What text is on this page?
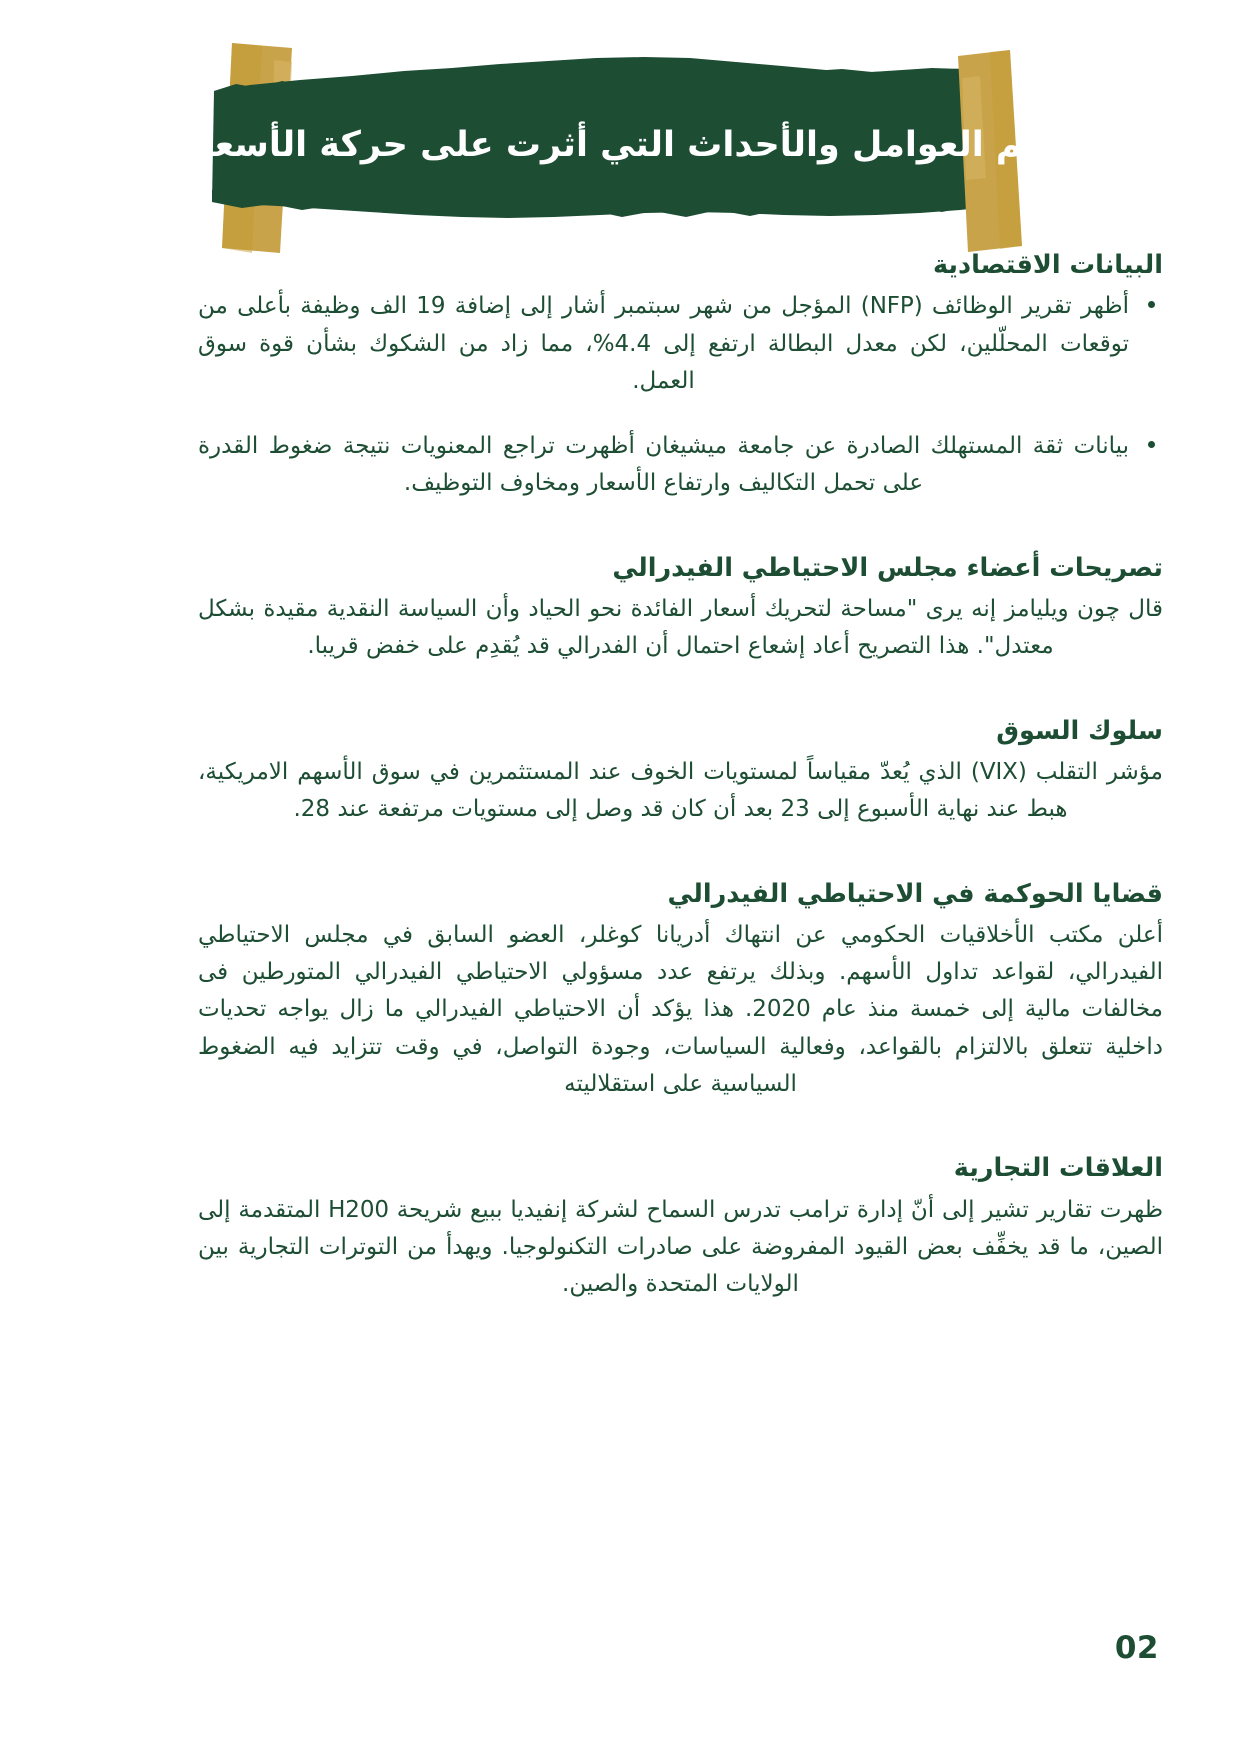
أهم العوامل والأحداث التي أثرت على حركة الأسعار
البيانات الاقتصادية
أظهر تقرير الوظائف (NFP) المؤجل من شهر سبتمبر أشار إلى إضافة 19 الف وظيفة بأعلى من توقعات المحلّلين، لكن معدل البطالة ارتفع إلى 4.4%، مما زاد من الشكوك بشأن قوة سوق العمل.
بيانات ثقة المستهلك الصادرة عن جامعة ميشيغان أظهرت تراجع المعنويات نتيجة ضغوط القدرة على تحمل التكاليف وارتفاع الأسعار ومخاوف التوظيف.
تصريحات أعضاء مجلس الاحتياطي الفيدرالي

قال چون ويليامز إنه يرى "مساحة لتحريك أسعار الفائدة نحو الحياد وأن السياسة النقدية مقيدة بشكل معتدل". هذا التصريح أعاد إشعاع احتمال أن الفدرالي قد يُقدِم على خفض قريبا.

سلوك السوق

مؤشر التقلب (VIX) الذي يُعدّ مقياساً لمستويات الخوف عند المستثمرين في سوق الأسهم الامريكية، هبط عند نهاية الأسبوع إلى 23 بعد أن كان قد وصل إلى مستويات مرتفعة عند 28.

قضايا الحوكمة في الاحتياطي الفيدرالي

أعلن مكتب الأخلاقيات الحكومي عن انتهاك أدريانا كوغلر، العضو السابق في مجلس الاحتياطي الفيدرالي، لقواعد تداول الأسهم. وبذلك يرتفع عدد مسؤولي الاحتياطي الفيدرالي المتورطين فى مخالفات مالية إلى خمسة منذ عام 2020. هذا يؤكد أن الاحتياطي الفيدرالي ما زال يواجه تحديات داخلية تتعلق بالالتزام بالقواعد، وفعالية السياسات، وجودة التواصل، في وقت تتزايد فيه الضغوط السياسية على استقلاليته

العلاقات التجارية

ظهرت تقارير تشير إلى أنّ إدارة ترامب تدرس السماح لشركة إنفيديا ببيع شريحة H200 المتقدمة إلى الصين، ما قد يخفِّف بعض القيود المفروضة على صادرات التكنولوجيا. ويهدأ من التوترات التجارية بين الولايات المتحدة والصين.

02
